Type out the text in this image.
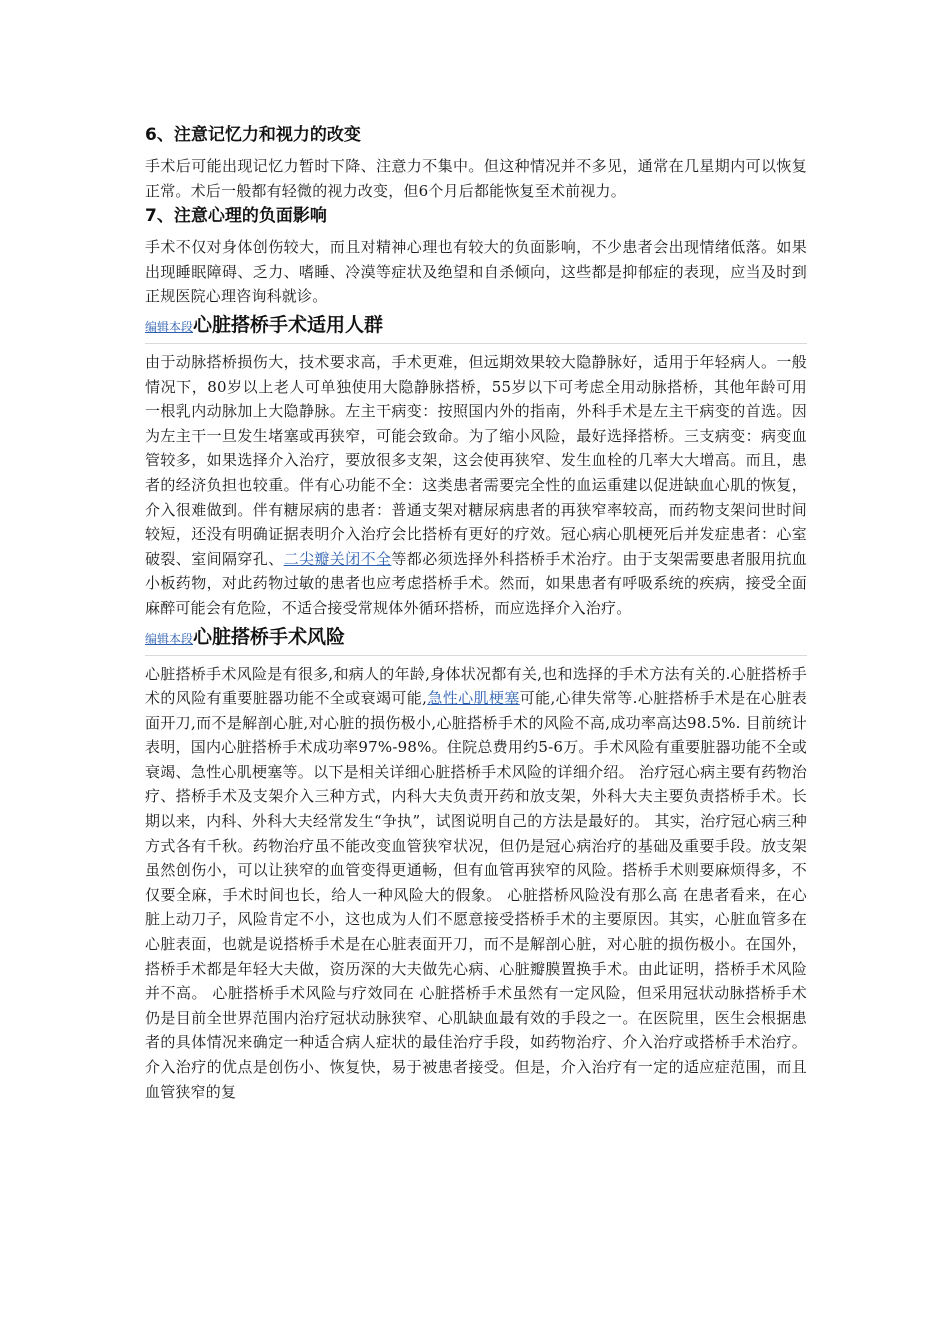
6、注意记忆力和视力的改变

手术后可能出现记忆力暂时下降、注意力不集中。但这种情况并不多见，通常在几星期内可以恢复正常。术后一般都有轻微的视力改变，但6个月后都能恢复至术前视力。

7、注意心理的负面影响

手术不仅对身体创伤较大，而且对精神心理也有较大的负面影响，不少患者会出现情绪低落。如果出现睡眠障碍、乏力、嗜睡、冷漠等症状及绝望和自杀倾向，这些都是抑郁症的表现，应当及时到正规医院心理咨询科就诊。

编辑本段心脏搭桥手术适用人群

由于动脉搭桥损伤大，技术要求高，手术更难，但远期效果较大隐静脉好，适用于年轻病人。一般情况下，80岁以上老人可单独使用大隐静脉搭桥，55岁以下可考虑全用动脉搭桥，其他年龄可用一根乳内动脉加上大隐静脉。左主干病变：按照国内外的指南，外科手术是左主干病变的首选。因为左主干一旦发生堵塞或再狭窄，可能会致命。为了缩小风险，最好选择搭桥。三支病变：病变血管较多，如果选择介入治疗，要放很多支架，这会使再狭窄、发生血栓的几率大大增高。而且，患者的经济负担也较重。伴有心功能不全：这类患者需要完全性的血运重建以促进缺血心肌的恢复，介入很难做到。伴有糖尿病的患者：普通支架对糖尿病患者的再狭窄率较高，而药物支架问世时间较短，还没有明确证据表明介入治疗会比搭桥有更好的疗效。冠心病心肌梗死后并发症患者：心室破裂、室间隔穿孔、二尖瓣关闭不全等都必须选择外科搭桥手术治疗。由于支架需要患者服用抗血小板药物，对此药物过敏的患者也应考虑搭桥手术。然而，如果患者有呼吸系统的疾病，接受全面麻醉可能会有危险，不适合接受常规体外循环搭桥，而应选择介入治疗。

编辑本段心脏搭桥手术风险

心脏搭桥手术风险是有很多,和病人的年龄,身体状况都有关,也和选择的手术方法有关的.心脏搭桥手术的风险有重要脏器功能不全或衰竭可能,急性心肌梗塞可能,心律失常等.心脏搭桥手术是在心脏表面开刀,而不是解剖心脏,对心脏的损伤极小,心脏搭桥手术的风险不高,成功率高达98.5%. 目前统计表明，国内心脏搭桥手术成功率97%-98%。住院总费用约5-6万。手术风险有重要脏器功能不全或衰竭、急性心肌梗塞等。以下是相关详细心脏搭桥手术风险的详细介绍。 治疗冠心病主要有药物治疗、搭桥手术及支架介入三种方式，内科大夫负责开药和放支架，外科大夫主要负责搭桥手术。长期以来，内科、外科大夫经常发生“争执”，试图说明自己的方法是最好的。 其实，治疗冠心病三种方式各有千秋。药物治疗虽不能改变血管狭窄状况，但仍是冠心病治疗的基础及重要手段。放支架虽然创伤小，可以让狭窄的血管变得更通畅，但有血管再狭窄的风险。搭桥手术则要麻烦得多，不仅要全麻，手术时间也长，给人一种风险大的假象。 心脏搭桥风险没有那么高 在患者看来，在心脏上动刀子，风险肯定不小，这也成为人们不愿意接受搭桥手术的主要原因。其实，心脏血管多在心脏表面，也就是说搭桥手术是在心脏表面开刀，而不是解剖心脏，对心脏的损伤极小。在国外，搭桥手术都是年轻大夫做，资历深的大夫做先心病、心脏瓣膜置换手术。由此证明，搭桥手术风险并不高。 心脏搭桥手术风险与疗效同在 心脏搭桥手术虽然有一定风险，但采用冠状动脉搭桥手术仍是目前全世界范围内治疗冠状动脉狭窄、心肌缺血最有效的手段之一。在医院里，医生会根据患者的具体情况来确定一种适合病人症状的最佳治疗手段，如药物治疗、介入治疗或搭桥手术治疗。介入治疗的优点是创伤小、恢复快，易于被患者接受。但是，介入治疗有一定的适应症范围，而且血管狭窄的复
